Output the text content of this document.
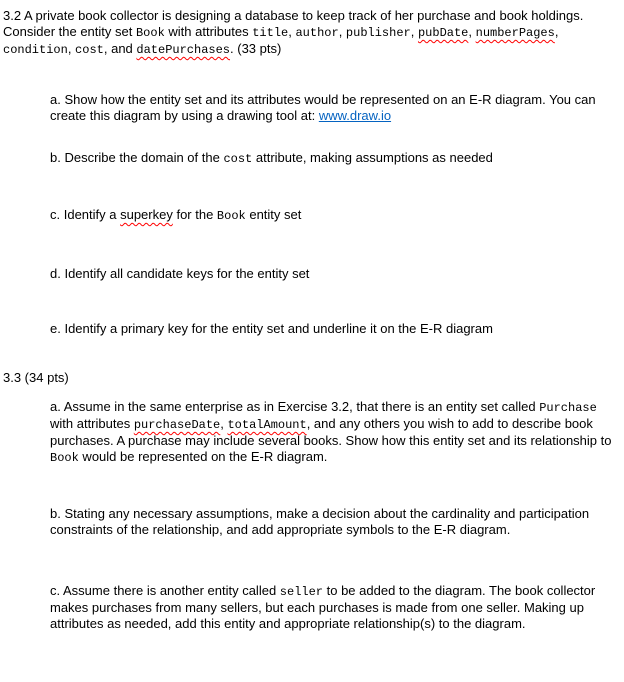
3.2 A private book collector is designing a database to keep track of her purchase and book holdings. Consider the entity set Book with attributes title, author, publisher, pubDate, numberPages, condition, cost, and datePurchases. (33 pts)

a. Show how the entity set and its attributes would be represented on an E-R diagram. You can create this diagram by using a drawing tool at: www.draw.io

b. Describe the domain of the cost attribute, making assumptions as needed

c. Identify a superkey for the Book entity set

d. Identify all candidate keys for the entity set

e. Identify a primary key for the entity set and underline it on the E-R diagram

3.3 (34 pts)

a. Assume in the same enterprise as in Exercise 3.2, that there is an entity set called Purchase with attributes purchaseDate, totalAmount, and any others you wish to add to describe book purchases. A purchase may include several books. Show how this entity set and its relationship to Book would be represented on the E-R diagram.

b. Stating any necessary assumptions, make a decision about the cardinality and participation constraints of the relationship, and add appropriate symbols to the E-R diagram.

c. Assume there is another entity called seller to be added to the diagram. The book collector makes purchases from many sellers, but each purchases is made from one seller. Making up attributes as needed, add this entity and appropriate relationship(s) to the diagram.
